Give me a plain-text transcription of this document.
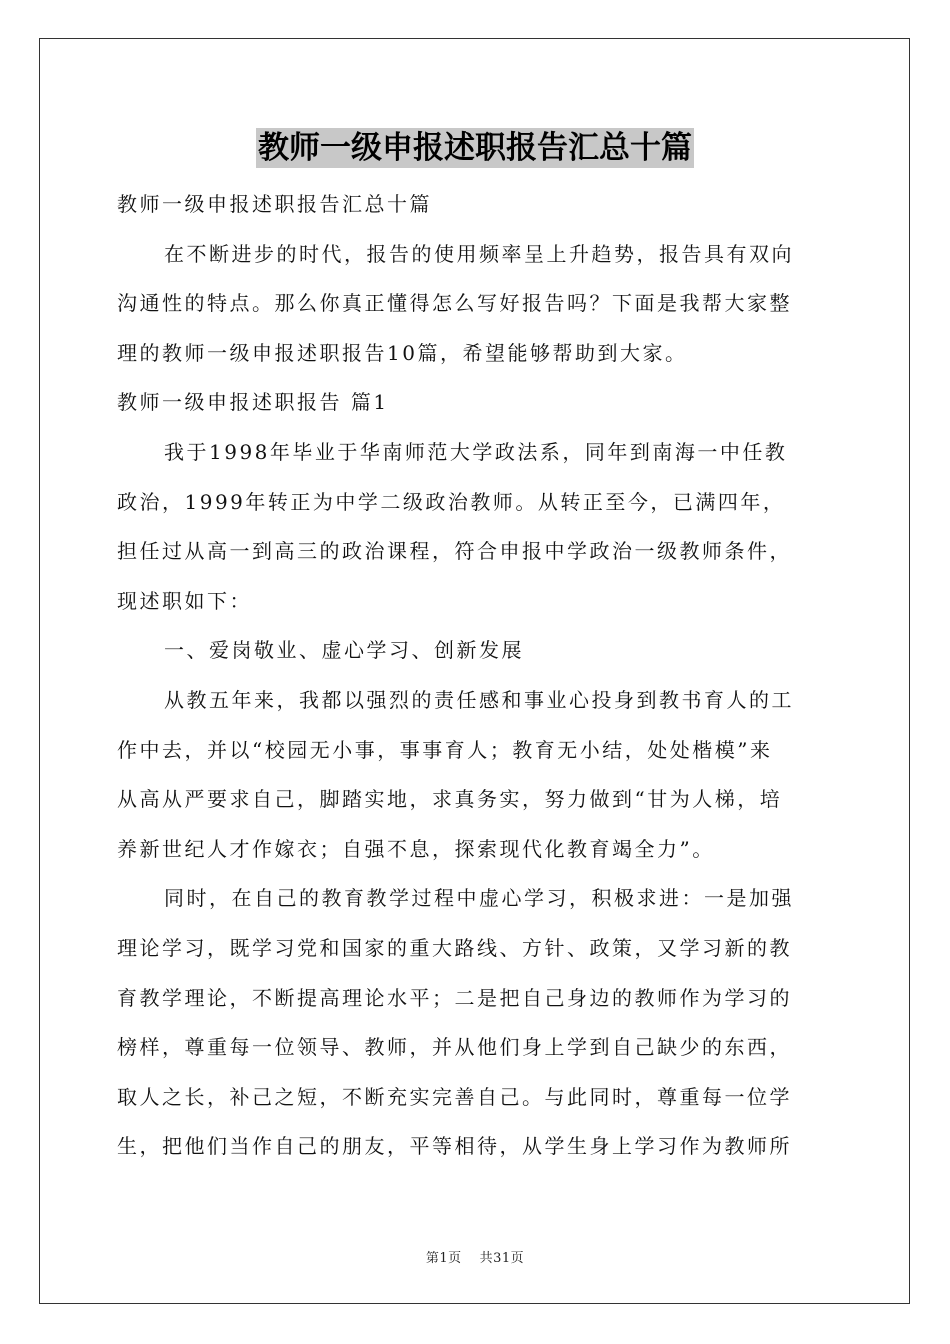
教师一级申报述职报告汇总十篇

教师一级申报述职报告汇总十篇

在不断进步的时代，报告的使用频率呈上升趋势，报告具有双向

沟通性的特点。那么你真正懂得怎么写好报告吗？下面是我帮大家整

理的教师一级申报述职报告10篇，希望能够帮助到大家。

教师一级申报述职报告 篇1

我于1998年毕业于华南师范大学政法系，同年到南海一中任教

政治，1999年转正为中学二级政治教师。从转正至今，已满四年，

担任过从高一到高三的政治课程，符合申报中学政治一级教师条件，

现述职如下：

一、爱岗敬业、虚心学习、创新发展

从教五年来，我都以强烈的责任感和事业心投身到教书育人的工

作中去，并以“校园无小事，事事育人；教育无小结，处处楷模”来

从高从严要求自己，脚踏实地，求真务实，努力做到“甘为人梯，培

养新世纪人才作嫁衣；自强不息，探索现代化教育竭全力”。

同时，在自己的教育教学过程中虚心学习，积极求进：一是加强

理论学习，既学习党和国家的重大路线、方针、政策，又学习新的教

育教学理论，不断提高理论水平；二是把自己身边的教师作为学习的

榜样，尊重每一位领导、教师，并从他们身上学到自己缺少的东西，

取人之长，补己之短，不断充实完善自己。与此同时，尊重每一位学

生，把他们当作自己的朋友，平等相待，从学生身上学习作为教师所

第1页 共31页
